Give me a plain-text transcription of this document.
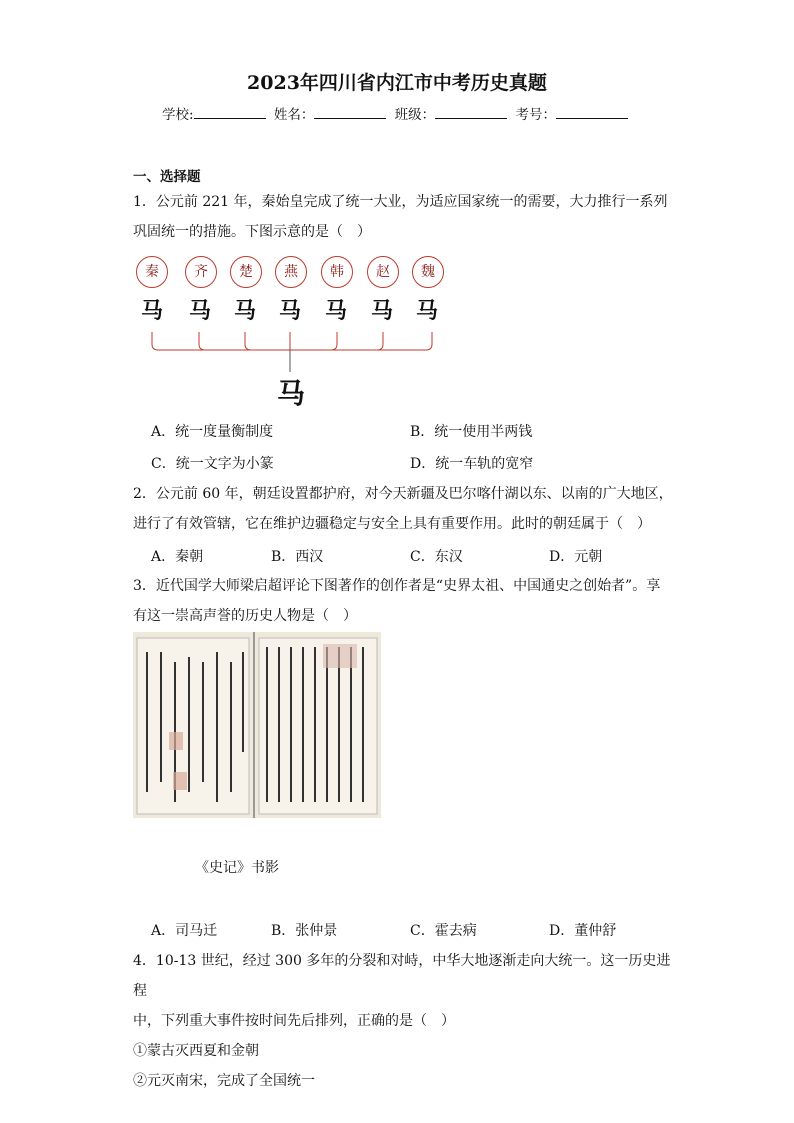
2023年四川省内江市中考历史真题
学校:	姓名：	班级：	考号：
一、选择题
1．公元前 221 年，秦始皇完成了统一大业，为适应国家统一的需要，大力推行一系列
巩固统一的措施。下图示意的是（　）
秦	齐	楚	燕	韩	赵	魏
马 马 马 马 马 马 马
马
A．统一度量衡制度	B．统一使用半两钱
C．统一文字为小篆	D．统一车轨的宽窄
2．公元前 60 年，朝廷设置都护府，对今天新疆及巴尔喀什湖以东、以南的广大地区，
进行了有效管辖，它在维护边疆稳定与安全上具有重要作用。此时的朝廷属于（　）
A．秦朝	B．西汉	C．东汉	D．元朝
3．近代国学大师梁启超评论下图著作的创作者是“史界太祖、中国通史之创始者”。享
有这一崇高声誉的历史人物是（　）
《史记》书影
A．司马迁	B．张仲景	C．霍去病	D．董仲舒
4．10-13 世纪，经过 300 多年的分裂和对峙，中华大地逐渐走向大统一。这一历史进程
中，下列重大事件按时间先后排列，正确的是（　）
①蒙古灭西夏和金朝
②元灭南宋，完成了全国统一
